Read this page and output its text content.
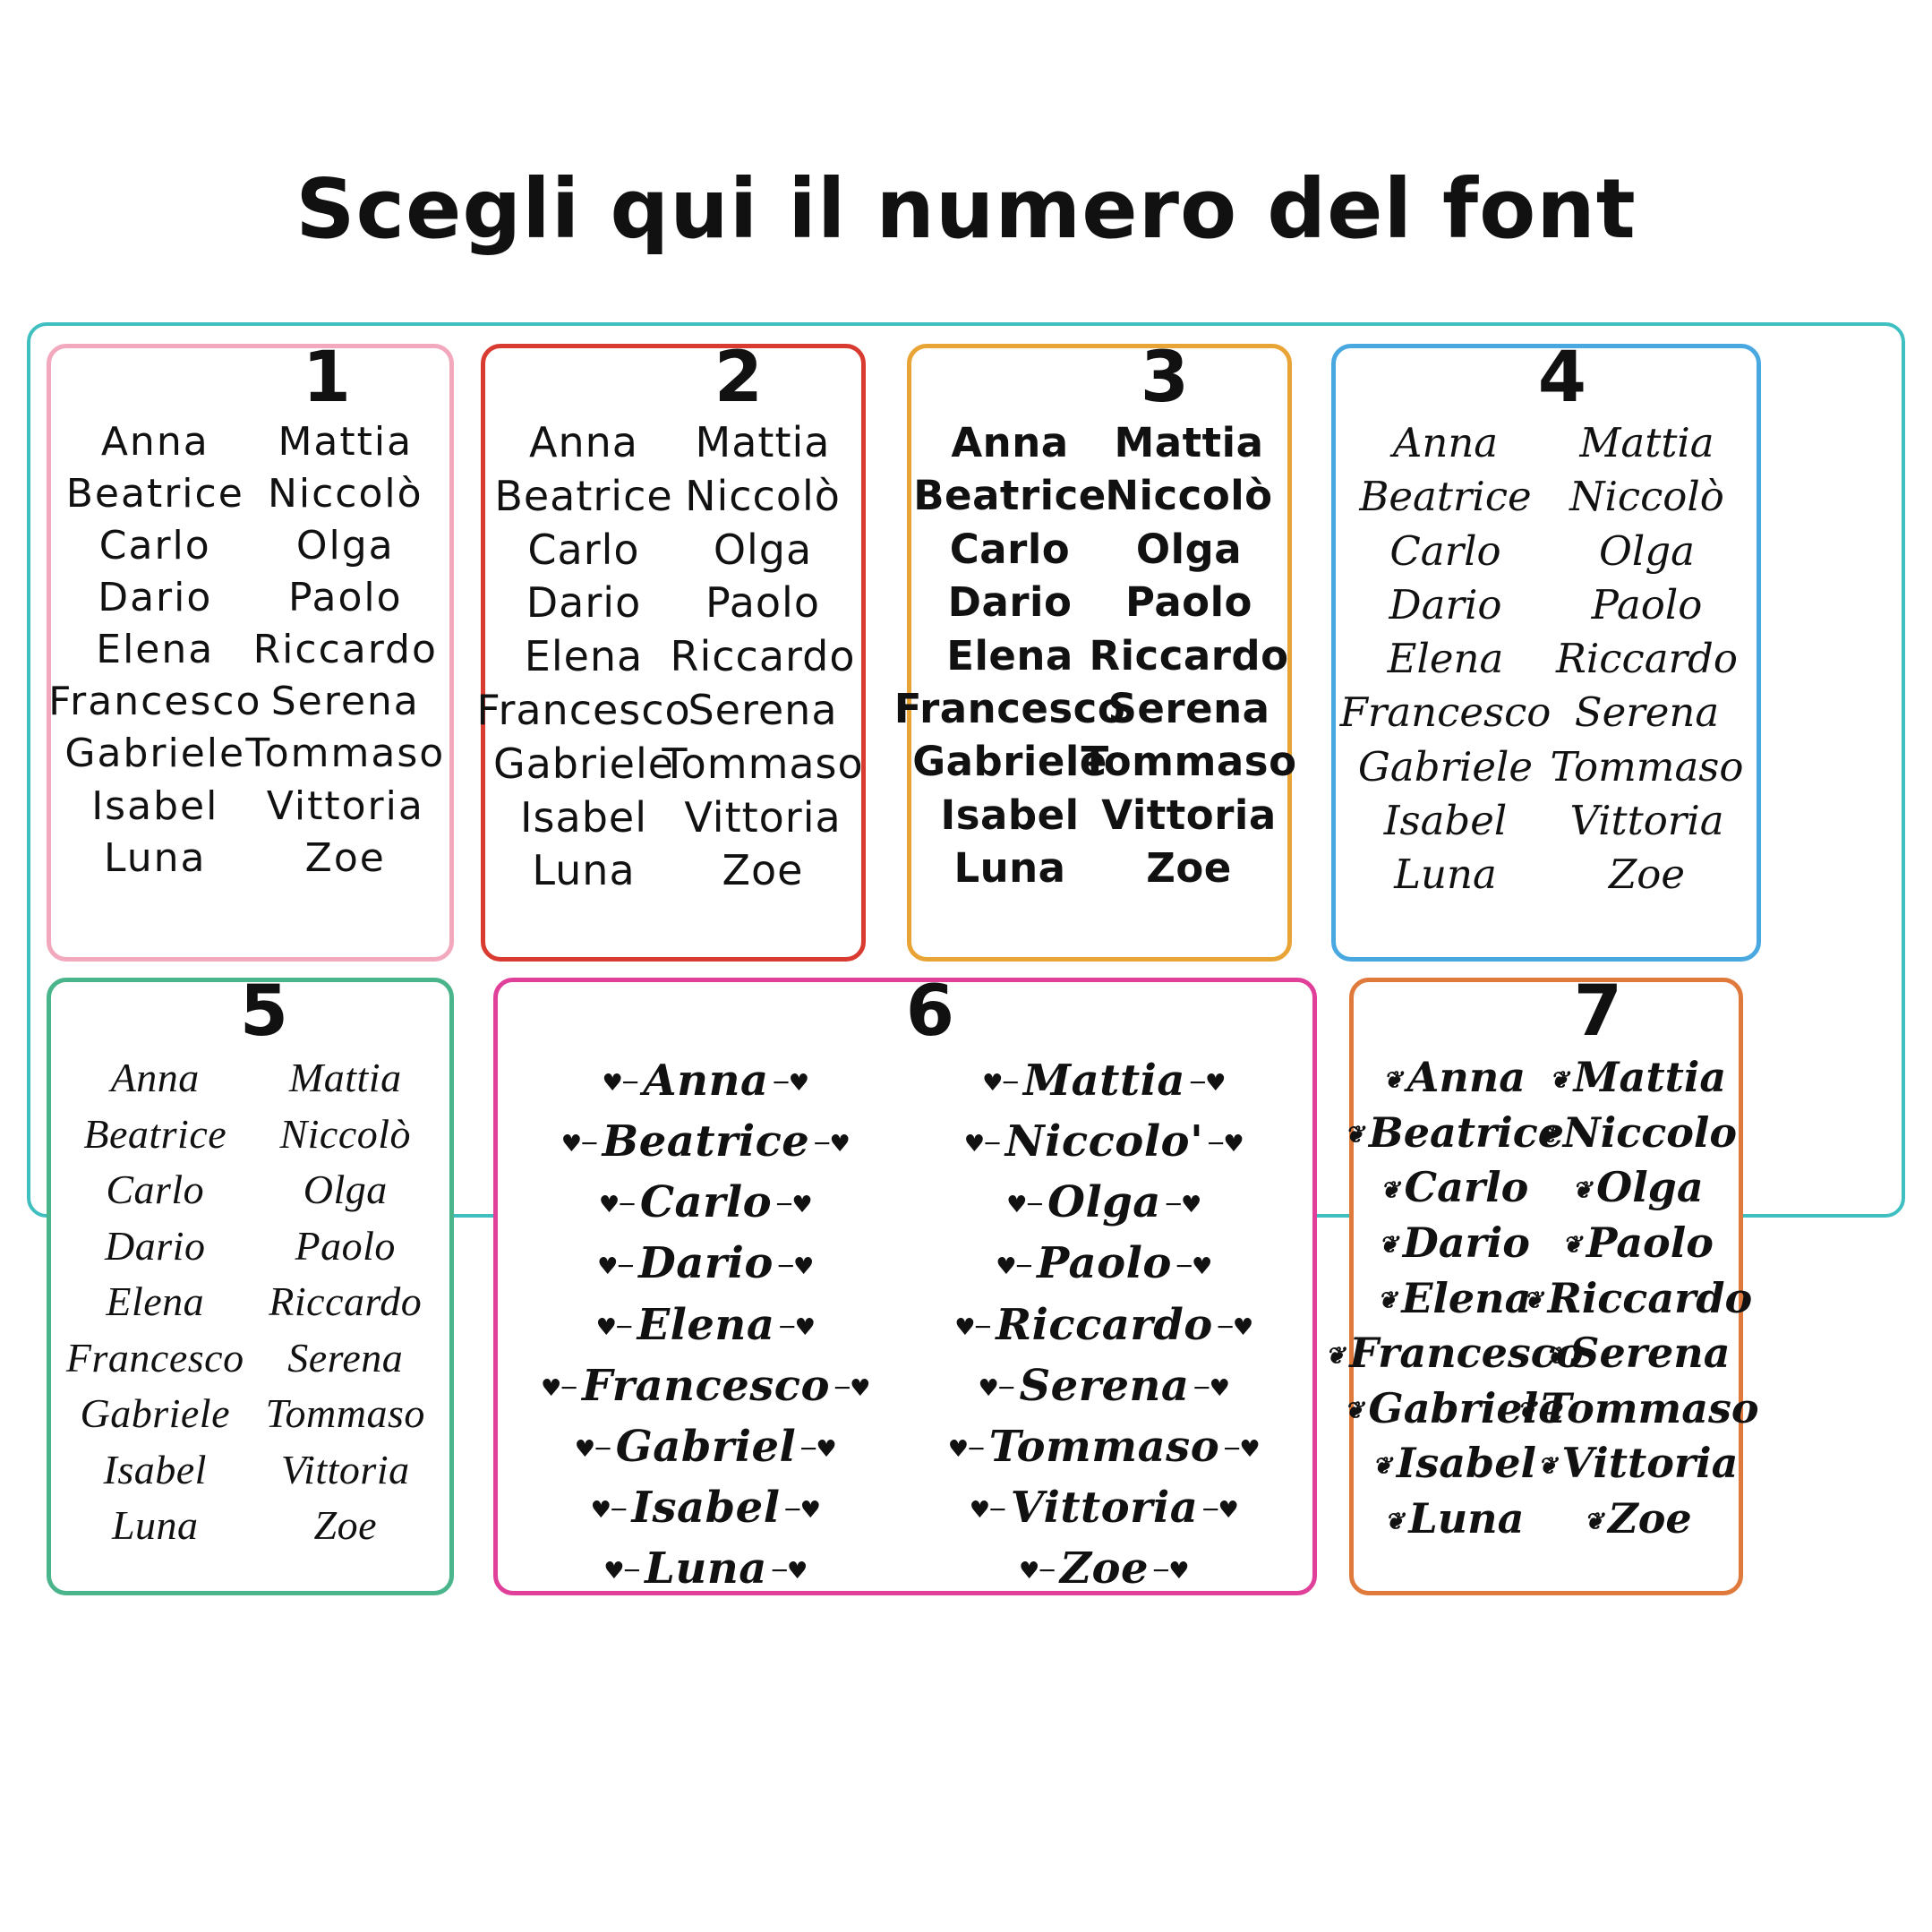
Scegli qui il numero del font
1
Anna
Beatrice
Carlo
Dario
Elena
Francesco
Gabriele
Isabel
Luna
Mattia
Niccolò
Olga
Paolo
Riccardo
Serena
Tommaso
Vittoria
Zoe
2
Anna
Beatrice
Carlo
Dario
Elena
Francesco
Gabriele
Isabel
Luna
Mattia
Niccolò
Olga
Paolo
Riccardo
Serena
Tommaso
Vittoria
Zoe
3
Anna
Beatrice
Carlo
Dario
Elena
Francesco
Gabriele
Isabel
Luna
Mattia
Niccolò
Olga
Paolo
Riccardo
Serena
Tommaso
Vittoria
Zoe
4
Anna
Beatrice
Carlo
Dario
Elena
Francesco
Gabriele
Isabel
Luna
Mattia
Niccolò
Olga
Paolo
Riccardo
Serena
Tommaso
Vittoria
Zoe
5
Anna
Beatrice
Carlo
Dario
Elena
Francesco
Gabriele
Isabel
Luna
Mattia
Niccolò
Olga
Paolo
Riccardo
Serena
Tommaso
Vittoria
Zoe
6
♥─ Anna ─♥
♥─ Beatrice ─♥
♥─ Carlo ─♥
♥─ Dario ─♥
♥─ Elena ─♥
♥─ Francesco ─♥
♥─ Gabriel ─♥
♥─ Isabel ─♥
♥─ Luna ─♥
♥─ Mattia ─♥
♥─ Niccolo' ─♥
♥─ Olga ─♥
♥─ Paolo ─♥
♥─ Riccardo ─♥
♥─ Serena ─♥
♥─ Tommaso ─♥
♥─ Vittoria ─♥
♥─ Zoe ─♥
7
❦ Anna
❦ Beatrice
❦ Carlo
❦ Dario
❦ Elena
❦ Francesco
❦ Gabriele
❦ Isabel
❦ Luna
❦ Mattia
❦ Niccolo
❦ Olga
❦ Paolo
❦ Riccardo
❦ Serena
❦ Tommaso
❦ Vittoria
❦ Zoe
